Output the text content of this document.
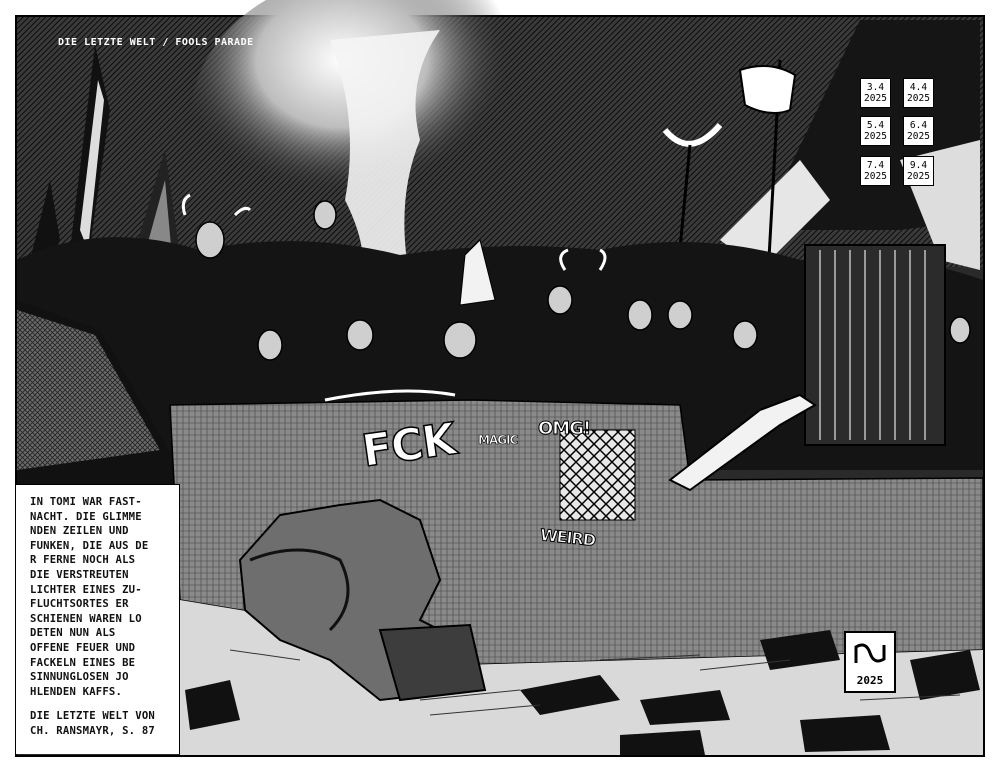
DIE LETZTE WELT / FOOLS PARADE
3.4
2025
4.4
2025
5.4
2025
6.4
2025
7.4
2025
9.4
2025
FCK MAGIC
OMG!
WEIRD

IN TOMI WAR FAST-
NACHT. DIE GLIMME
NDEN ZEILEN UND
FUNKEN, DIE AUS DE
R FERNE NOCH ALS
DIE VERSTREUTEN
LICHTER EINES ZU-
FLUCHTSORTES ER
SCHIENEN WAREN LO
DETEN NUN ALS
OFFENE FEUER UND
FACKELN EINES BE
SINNUNGLOSEN JO
HLENDEN KAFFS.

DIE LETZTE WELT VON
CH. RANSMAYR, S. 87

2025
